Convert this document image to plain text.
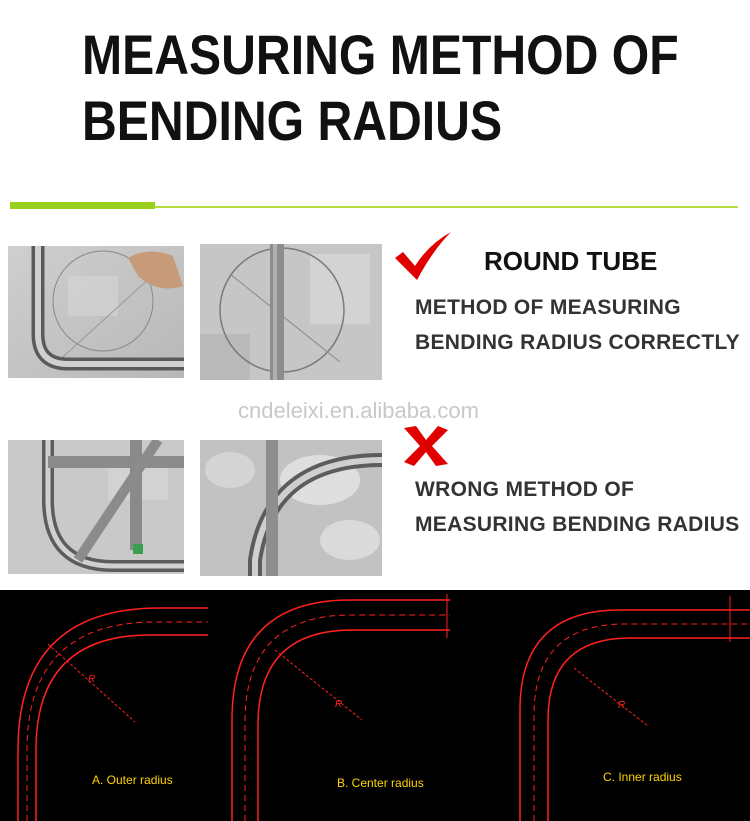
MEASURING METHOD OF
BENDING RADIUS
ROUND TUBE
METHOD OF MEASURING
BENDING RADIUS CORRECTLY
cndeleixi.en.alibaba.com
WRONG METHOD OF
MEASURING BENDING RADIUS
R
R	R
A. Outer radius	B. Center radius	C. Inner radius
